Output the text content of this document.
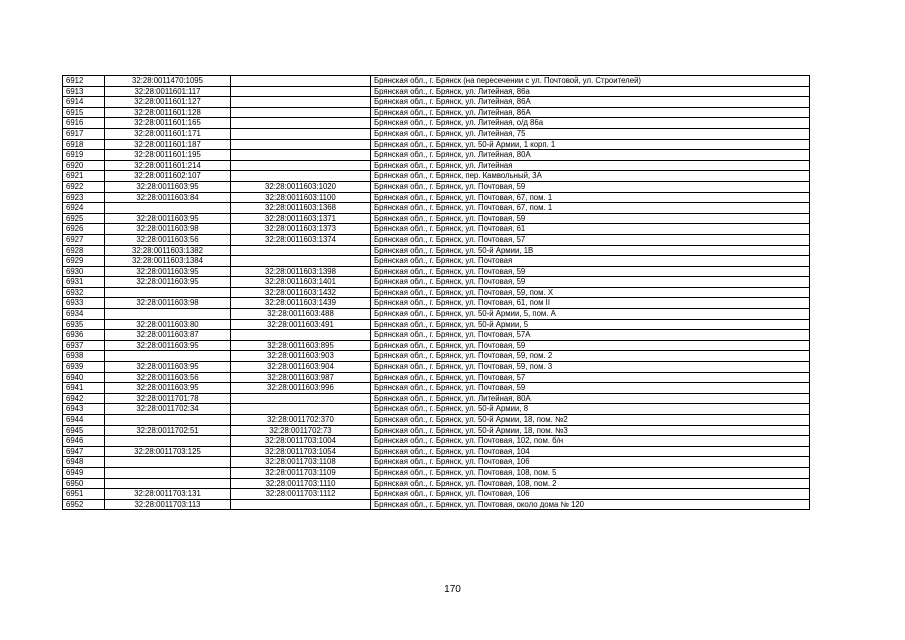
6912	32:28:0011470:1095		Брянская обл., г. Брянск (на пересечении с ул. Почтовой, ул. Строителей)
6913	32:28:0011601:117		Брянская обл., г. Брянск, ул. Литейная, 86а
6914	32:28:0011601:127		Брянская обл., г. Брянск, ул. Литейная, 86А
6915	32:28:0011601:128		Брянская обл., г. Брянск, ул. Литейная, 86А
6916	32:28:0011601:165		Брянская обл., г. Брянск, ул. Литейная, о/д 86а
6917	32:28:0011601:171		Брянская обл., г. Брянск, ул. Литейная, 75
6918	32:28:0011601:187		Брянская обл., г. Брянск, ул. 50-й Армии, 1 корп. 1
6919	32:28:0011601:195		Брянская обл., г. Брянск, ул. Литейная, 80А
6920	32:28:0011601:214		Брянская обл., г. Брянск, ул. Литейная
6921	32:28:0011602:107		Брянская обл., г. Брянск, пер. Камвольный, 3А
6922	32:28:0011603:95	32:28:0011603:1020	Брянская обл., г. Брянск, ул. Почтовая, 59
6923	32:28:0011603:84	32:28:0011603:1100	Брянская обл., г. Брянск, ул. Почтовая, 67, пом. 1
6924		32:28:0011603:1368	Брянская обл., г. Брянск, ул. Почтовая, 67, пом. 1
6925	32:28:0011603:95	32:28:0011603:1371	Брянская обл., г. Брянск, ул. Почтовая, 59
6926	32:28:0011603:98	32:28:0011603:1373	Брянская обл., г. Брянск, ул. Почтовая, 61
6927	32:28:0011603:56	32:28:0011603:1374	Брянская обл., г. Брянск, ул. Почтовая, 57
6928	32:28:0011603:1382		Брянская обл., г. Брянск, ул. 50-й Армии, 1В
6929	32:28:0011603:1384		Брянская обл., г. Брянск, ул. Почтовая
6930	32:28:0011603:95	32:28:0011603:1398	Брянская обл., г. Брянск, ул. Почтовая, 59
6931	32:28:0011603:95	32:28:0011603:1401	Брянская обл., г. Брянск, ул. Почтовая, 59
6932		32:28:0011603:1432	Брянская обл., г. Брянск, ул. Почтовая, 59, пом. Х
6933	32:28:0011603:98	32:28:0011603:1439	Брянская обл., г. Брянск, ул. Почтовая, 61, пом II
6934		32:28:0011603:488	Брянская обл., г. Брянск, ул. 50-й Армии, 5, пом. А
6935	32:28:0011603:80	32:28:0011603:491	Брянская обл., г. Брянск, ул. 50-й Армии, 5
6936	32:28:0011603:87		Брянская обл., г. Брянск, ул. Почтовая, 57А
6937	32:28:0011603:95	32:28:0011603:895	Брянская обл., г. Брянск, ул. Почтовая, 59
6938		32:28:0011603:903	Брянская обл., г. Брянск, ул. Почтовая, 59, пом. 2
6939	32:28:0011603:95	32:28:0011603:904	Брянская обл., г. Брянск, ул. Почтовая, 59, пом. 3
6940	32:28:0011603:56	32:28:0011603:987	Брянская обл., г. Брянск, ул. Почтовая, 57
6941	32:28:0011603:95	32:28:0011603:996	Брянская обл., г. Брянск, ул. Почтовая, 59
6942	32:28:0011701:78		Брянская обл., г. Брянск, ул. Литейная, 80А
6943	32:28:0011702:34		Брянская обл., г. Брянск, ул. 50-й Армии, 8
6944		32:28:0011702:370	Брянская обл., г. Брянск, ул. 50-й Армии, 18, пом. №2
6945	32:28:0011702:51	32:28:0011702:73	Брянская обл., г. Брянск, ул. 50-й Армии, 18, пом. №3
6946		32:28:0011703:1004	Брянская обл., г. Брянск, ул. Почтовая, 102, пом. б/н
6947	32:28:0011703:125	32:28:0011703:1054	Брянская обл., г. Брянск, ул. Почтовая, 104
6948		32:28:0011703:1108	Брянская обл., г. Брянск, ул. Почтовая, 106
6949		32:28:0011703:1109	Брянская обл., г. Брянск, ул. Почтовая, 108, пом. 5
6950		32:28:0011703:1110	Брянская обл., г. Брянск, ул. Почтовая, 108, пом. 2
6951	32:28:0011703:131	32:28:0011703:1112	Брянская обл., г. Брянск, ул. Почтовая, 106
6952	32:28:0011703:113		Брянская обл., г. Брянск, ул. Почтовая, около дома № 120
170
